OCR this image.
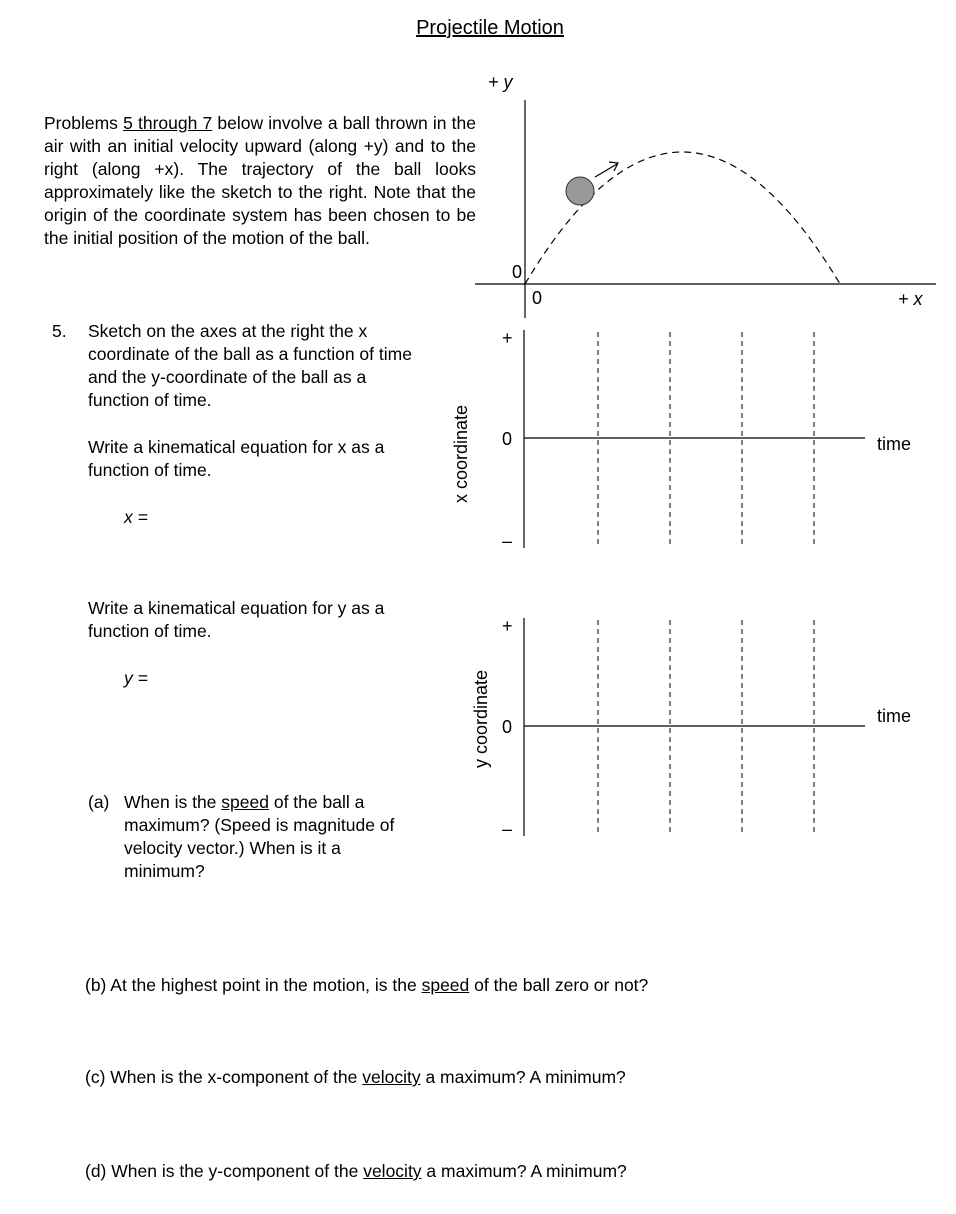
Projectile Motion
Problems 5 through 7 below involve a ball thrown in the air with an initial velocity upward (along +y) and to the right (along +x). The trajectory of the ball looks approximately like the sketch to the right. Note that the origin of the coordinate system has been chosen to be the initial position of the motion of the ball.
+ y
+ x
0
0
5. Sketch on the axes at the right the x coordinate of the ball as a function of time and the y-coordinate of the ball as a function of time.
Write a kinematical equation for x as a function of time.
x =
Write a kinematical equation for y as a function of time.
y =
x coordinate
+
0
–
time
y coordinate
+
0
–
time
(a) When is the speed of the ball a maximum? (Speed is magnitude of velocity vector.) When is it a minimum?
(b) At the highest point in the motion, is the speed of the ball zero or not?
(c) When is the x-component of the velocity a maximum? A minimum?
(d) When is the y-component of the velocity a maximum? A minimum?
